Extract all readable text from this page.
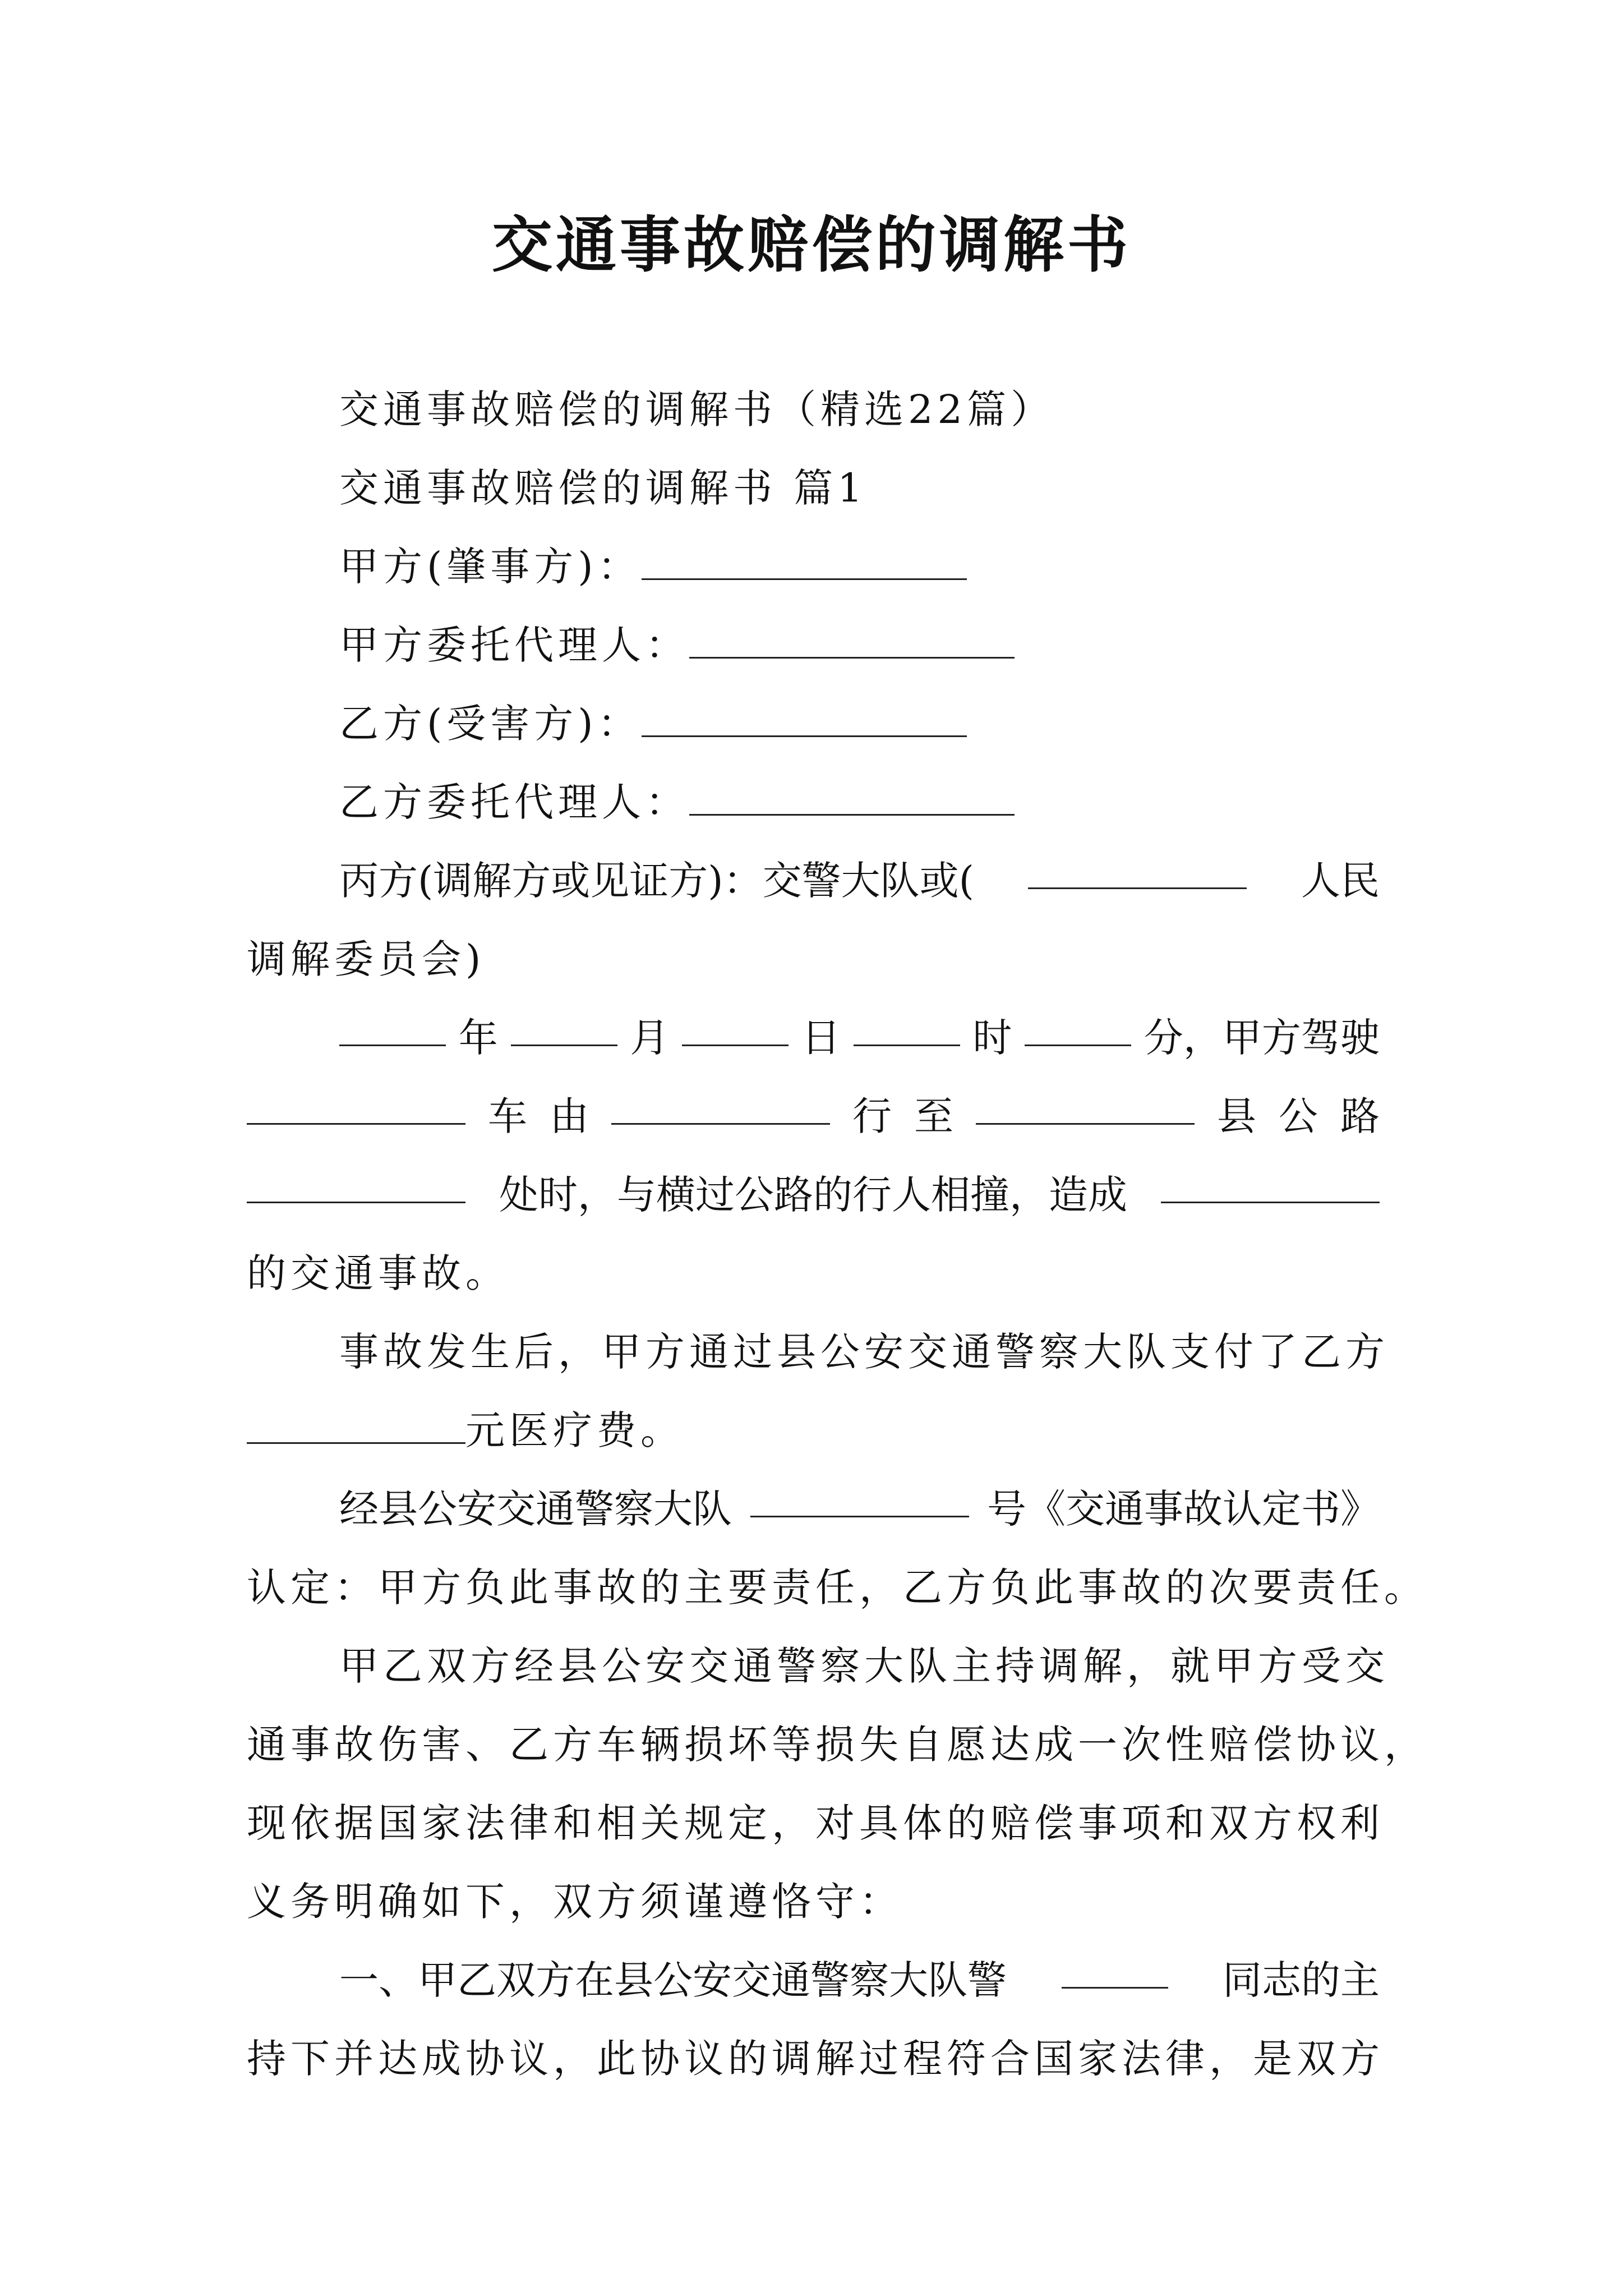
交通事故赔偿的调解书
交通事故赔偿的调解书（精选22篇）
交通事故赔偿的调解书 篇1
甲方(肇事方)：
甲方委托代理人：
乙方(受害方)：
乙方委托代理人：
丙方(调解方或见证方)：交警大队或(	人民
调解委员会)
年	月	日	时	分，甲方驾驶
车 由	行 至	县 公 路
处时，与横过公路的行人相撞，造成
的交通事故。
事故发生后，甲方通过县公安交通警察大队支付了乙方
元医疗费。
经县公安交通警察大队	号《交通事故认定书》
认定：甲方负此事故的主要责任，乙方负此事故的次要责任。
甲乙双方经县公安交通警察大队主持调解，就甲方受交
通事故伤害、乙方车辆损坏等损失自愿达成一次性赔偿协议，
现依据国家法律和相关规定，对具体的赔偿事项和双方权利
义务明确如下，双方须谨遵恪守：
一、甲乙双方在县公安交通警察大队警	同志的主
持下并达成协议，此协议的调解过程符合国家法律，是双方
